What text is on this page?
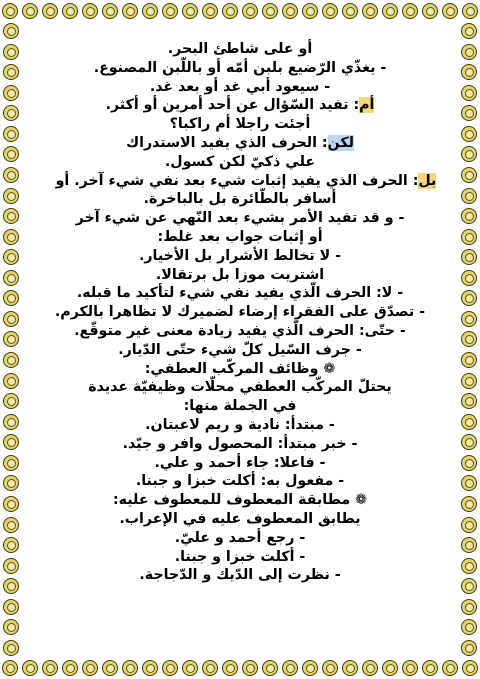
أو على شاطئ البحر.
- يغذّي الرّضيع بلبن أمّه أو باللّبن المصنوع.
- سيعود أبي غد أو بعد غد.
أم: تفيد السّؤال عن أحد أمرين أو أكثر.
أجئت راجلا أم راكبا؟
لكن: الحرف الذي يفيد الاستدراك
علي ذكيّ لكن كسول.
بل: الحرف الذي يفيد إثبات شيء بعد نفي شيء آخر. أو
أسافر بالطّائرة بل بالباخرة.
- و قد تفيد الأمر بشيء بعد النّهي عن شيء آخر
أو إثبات جواب بعد غلط:
- لا تخالط الأشرار بل الأخيار.
اشتريت موزا بل برتقالا.
- لا: الحرف الّذي يفيد نفي شيء لتأكيد ما قبله.
- تصدّق على الفقراء إرضاء لضميرك لا تظاهرا بالكرم.
- حتّى: الحرف الّذي يفيد زيادة معنى غير متوقّع.
- جرف السّيل كلّ شيء حتّى الدّيار.
❁ وظائف المركّب العطفي:
يحتلّ المركّب العطفي محلّات وظيفيّة عديدة
في الجملة منها:
- مبتدأ: نادية و ريم لاعبتان.
- خبر مبتدأ: المحصول وافر و جيّد.
- فاعلا: جاء أحمد و علي.
- مفعول به: أكلت خبزا و جبنا.
❁ مطابقة المعطوف للمعطوف عليه:
يطابق المعطوف عليه في الإعراب.
- رجع أحمد و عليّ.
- أكلت خبزا و جبنا.
- نظرت إلى الدّيك و الدّجاجة.
